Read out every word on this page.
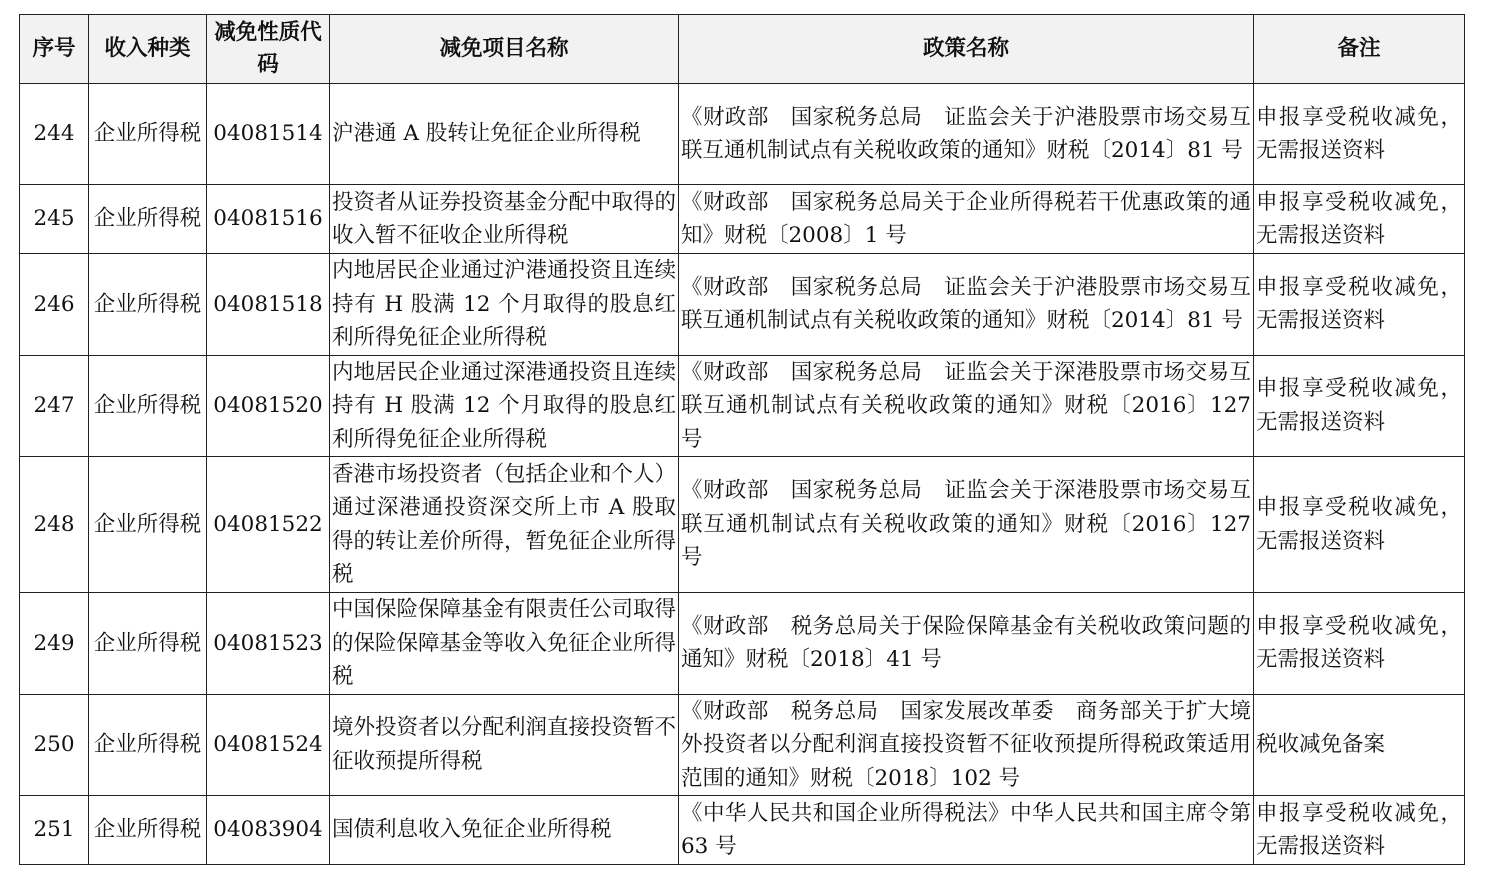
序号	收入种类	减免性质代码	减免项目名称	政策名称	备注
244	企业所得税	04081514	沪港通 A 股转让免征企业所得税	《财政部　国家税务总局　证监会关于沪港股票市场交易互联互通机制试点有关税收政策的通知》财税〔2014〕81 号	申报享受税收减免，无需报送资料
245	企业所得税	04081516	投资者从证券投资基金分配中取得的收入暂不征收企业所得税	《财政部　国家税务总局关于企业所得税若干优惠政策的通知》财税〔2008〕1 号	申报享受税收减免，无需报送资料
246	企业所得税	04081518	内地居民企业通过沪港通投资且连续持有 H 股满 12 个月取得的股息红利所得免征企业所得税	《财政部　国家税务总局　证监会关于沪港股票市场交易互联互通机制试点有关税收政策的通知》财税〔2014〕81 号	申报享受税收减免，无需报送资料
247	企业所得税	04081520	内地居民企业通过深港通投资且连续持有 H 股满 12 个月取得的股息红利所得免征企业所得税	《财政部　国家税务总局　证监会关于深港股票市场交易互联互通机制试点有关税收政策的通知》财税〔2016〕127 号	申报享受税收减免，无需报送资料
248	企业所得税	04081522	香港市场投资者（包括企业和个人）通过深港通投资深交所上市 A 股取得的转让差价所得，暂免征企业所得税	《财政部　国家税务总局　证监会关于深港股票市场交易互联互通机制试点有关税收政策的通知》财税〔2016〕127 号	申报享受税收减免，无需报送资料
249	企业所得税	04081523	中国保险保障基金有限责任公司取得的保险保障基金等收入免征企业所得税	《财政部　税务总局关于保险保障基金有关税收政策问题的通知》财税〔2018〕41 号	申报享受税收减免，无需报送资料
250	企业所得税	04081524	境外投资者以分配利润直接投资暂不征收预提所得税	《财政部　税务总局　国家发展改革委　商务部关于扩大境外投资者以分配利润直接投资暂不征收预提所得税政策适用范围的通知》财税〔2018〕102 号	税收减免备案
251	企业所得税	04083904	国债利息收入免征企业所得税	《中华人民共和国企业所得税法》中华人民共和国主席令第 63 号	申报享受税收减免，无需报送资料
